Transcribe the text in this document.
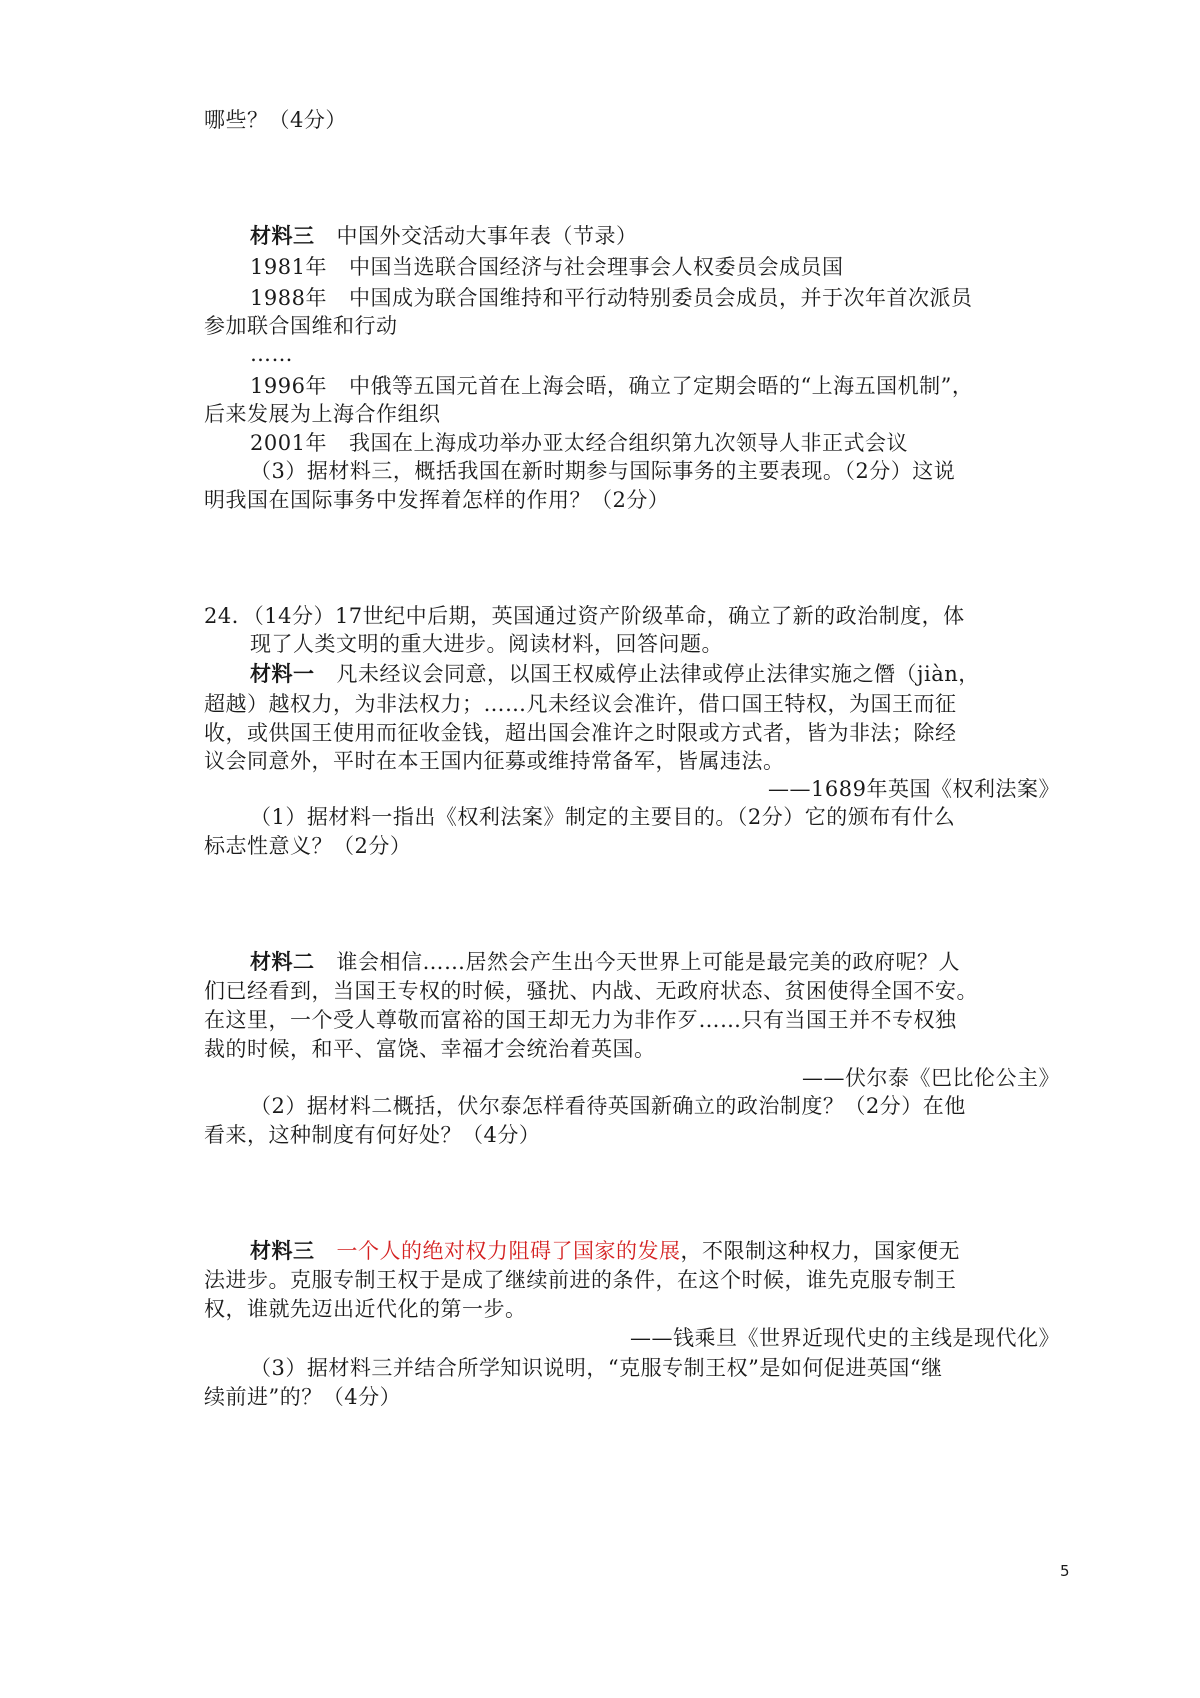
哪些？（4分）
材料三 中国外交活动大事年表（节录）
1981年 中国当选联合国经济与社会理事会人权委员会成员国
1988年 中国成为联合国维持和平行动特别委员会成员，并于次年首次派员
参加联合国维和行动
……
1996年 中俄等五国元首在上海会晤，确立了定期会晤的“上海五国机制”，
后来发展为上海合作组织
2001年 我国在上海成功举办亚太经合组织第九次领导人非正式会议
（3）据材料三，概括我国在新时期参与国际事务的主要表现。（2分）这说
明我国在国际事务中发挥着怎样的作用？（2分）
24．（14分）17世纪中后期，英国通过资产阶级革命，确立了新的政治制度，体
现了人类文明的重大进步。阅读材料，回答问题。
材料一 凡未经议会同意，以国王权威停止法律或停止法律实施之僭（jiàn，
超越）越权力，为非法权力；……凡未经议会准许，借口国王特权，为国王而征
收，或供国王使用而征收金钱，超出国会准许之时限或方式者，皆为非法；除经
议会同意外，平时在本王国内征募或维持常备军，皆属违法。
——1689年英国《权利法案》
（1）据材料一指出《权利法案》制定的主要目的。（2分）它的颁布有什么
标志性意义？（2分）
材料二 谁会相信……居然会产生出今天世界上可能是最完美的政府呢？人
们已经看到，当国王专权的时候，骚扰、内战、无政府状态、贫困使得全国不安。
在这里，一个受人尊敬而富裕的国王却无力为非作歹……只有当国王并不专权独
裁的时候，和平、富饶、幸福才会统治着英国。
——伏尔泰《巴比伦公主》
（2）据材料二概括，伏尔泰怎样看待英国新确立的政治制度？（2分）在他
看来，这种制度有何好处？（4分）
材料三 一个人的绝对权力阻碍了国家的发展，不限制这种权力，国家便无
法进步。克服专制王权于是成了继续前进的条件，在这个时候，谁先克服专制王
权，谁就先迈出近代化的第一步。
——钱乘旦《世界近现代史的主线是现代化》
（3）据材料三并结合所学知识说明，“克服专制王权”是如何促进英国“继
续前进”的？（4分）
5
